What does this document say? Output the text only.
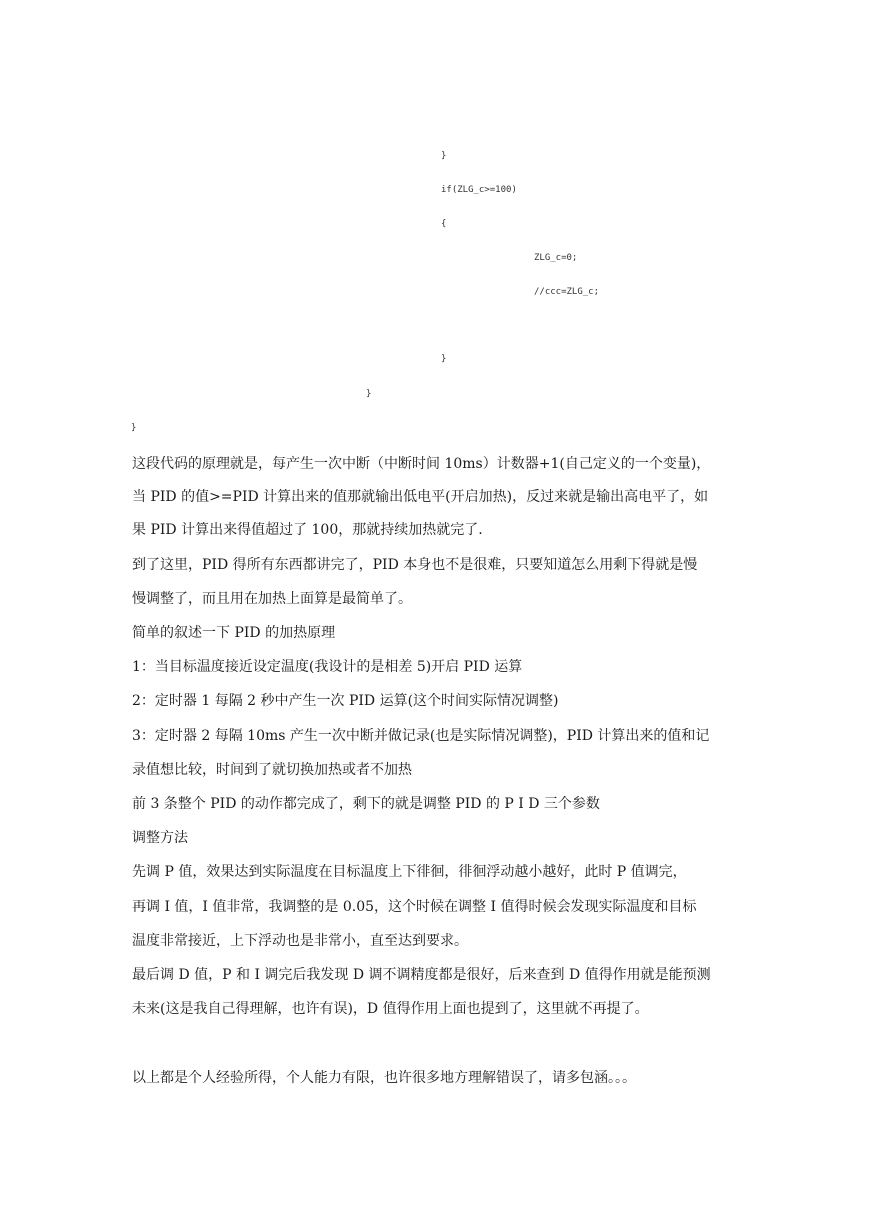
}
if(ZLG_c>=100)
{
ZLG_c=0;
//ccc=ZLG_c;
}
}
}
这段代码的原理就是，每产生一次中断（中断时间 10ms）计数器+1(自己定义的一个变量)，
当 PID 的值>=PID 计算出来的值那就输出低电平(开启加热)，反过来就是输出高电平了，如
果 PID 计算出来得值超过了 100，那就持续加热就完了.
到了这里，PID 得所有东西都讲完了，PID 本身也不是很难，只要知道怎么用剩下得就是慢
慢调整了，而且用在加热上面算是最简单了。
简单的叙述一下 PID 的加热原理
1：当目标温度接近设定温度(我设计的是相差 5)开启 PID 运算
2：定时器 1 每隔 2 秒中产生一次 PID 运算(这个时间实际情况调整)
3：定时器 2 每隔 10ms 产生一次中断并做记录(也是实际情况调整)，PID 计算出来的值和记
录值想比较，时间到了就切换加热或者不加热
前 3 条整个 PID 的动作都完成了，剩下的就是调整 PID 的 P I D 三个参数
调整方法
先调 P 值，效果达到实际温度在目标温度上下徘徊，徘徊浮动越小越好，此时 P 值调完，
再调 I 值，I 值非常，我调整的是 0.05，这个时候在调整 I 值得时候会发现实际温度和目标
温度非常接近，上下浮动也是非常小，直至达到要求。
最后调 D 值，P 和 I 调完后我发现 D 调不调精度都是很好，后来查到 D 值得作用就是能预测
未来(这是我自己得理解，也许有误)，D 值得作用上面也提到了，这里就不再提了。
以上都是个人经验所得，个人能力有限，也许很多地方理解错误了，请多包涵。。。
